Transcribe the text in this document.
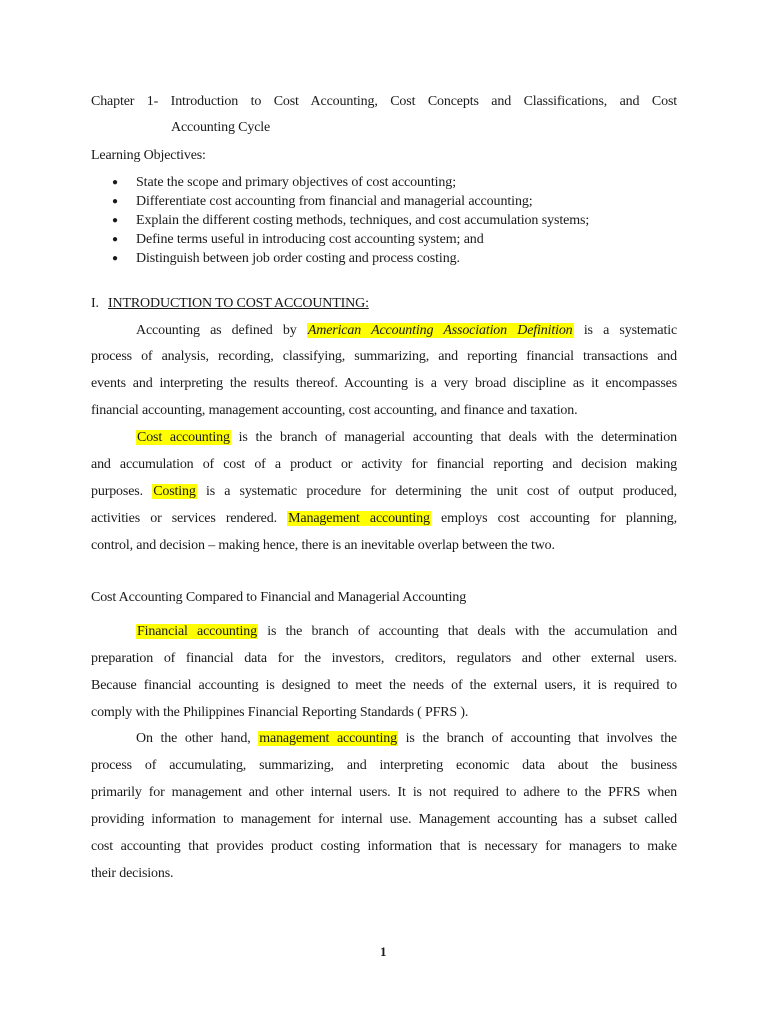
Chapter 1- Introduction to Cost Accounting, Cost Concepts and Classifications, and Cost
Accounting Cycle
Learning Objectives:
● State the scope and primary objectives of cost accounting;
● Differentiate cost accounting from financial and managerial accounting;
● Explain the different costing methods, techniques, and cost accumulation systems;
● Define terms useful in introducing cost accounting system; and
● Distinguish between job order costing and process costing.
I. INTRODUCTION TO COST ACCOUNTING:
Accounting as defined by American Accounting Association Definition is a systematic
process of analysis, recording, classifying, summarizing, and reporting financial transactions and
events and interpreting the results thereof. Accounting is a very broad discipline as it encompasses
financial accounting, management accounting, cost accounting, and finance and taxation.
Cost accounting is the branch of managerial accounting that deals with the determination
and accumulation of cost of a product or activity for financial reporting and decision making
purposes. Costing is a systematic procedure for determining the unit cost of output produced,
activities or services rendered. Management accounting employs cost accounting for planning,
control, and decision – making hence, there is an inevitable overlap between the two.
Cost Accounting Compared to Financial and Managerial Accounting
Financial accounting is the branch of accounting that deals with the accumulation and
preparation of financial data for the investors, creditors, regulators and other external users.
Because financial accounting is designed to meet the needs of the external users, it is required to
comply with the Philippines Financial Reporting Standards ( PFRS ).
On the other hand, management accounting is the branch of accounting that involves the
process of accumulating, summarizing, and interpreting economic data about the business
primarily for management and other internal users. It is not required to adhere to the PFRS when
providing information to management for internal use. Management accounting has a subset called
cost accounting that provides product costing information that is necessary for managers to make
their decisions.
1
